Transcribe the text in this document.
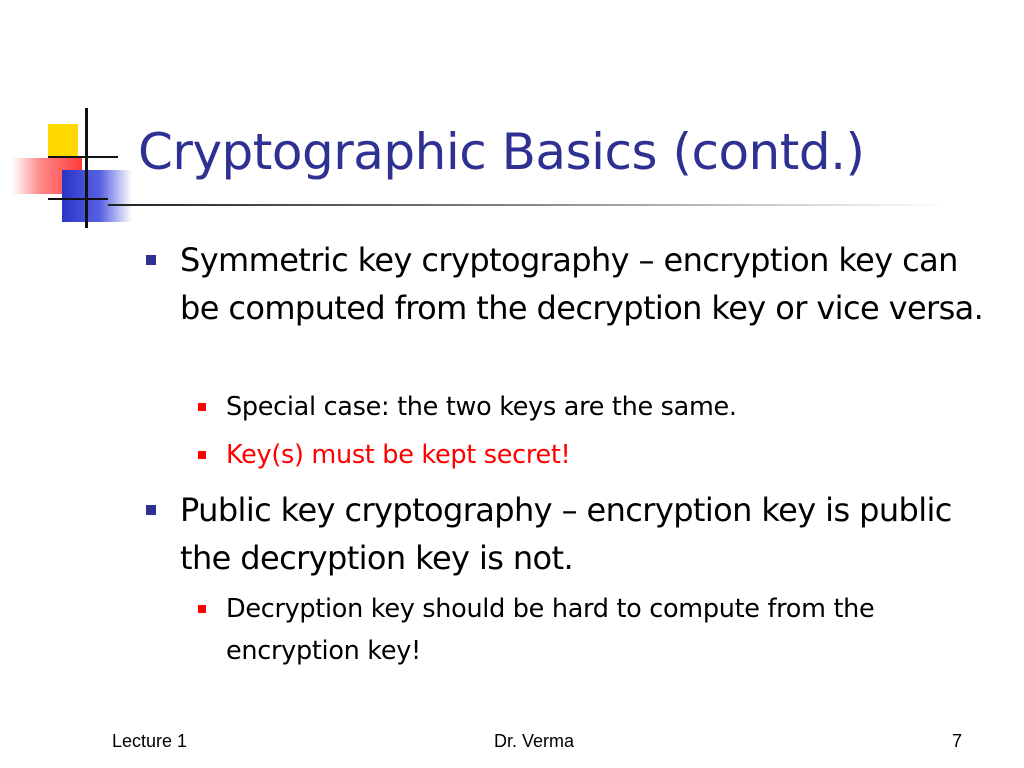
Cryptographic Basics (contd.)
Symmetric key cryptography – encryption key can be computed from the decryption key or vice versa.
Special case: the two keys are the same.
Key(s) must be kept secret!
Public key cryptography – encryption key is public the decryption key is not.
Decryption key should be hard to compute from the encryption key!
Lecture 1	Dr. Verma	7
